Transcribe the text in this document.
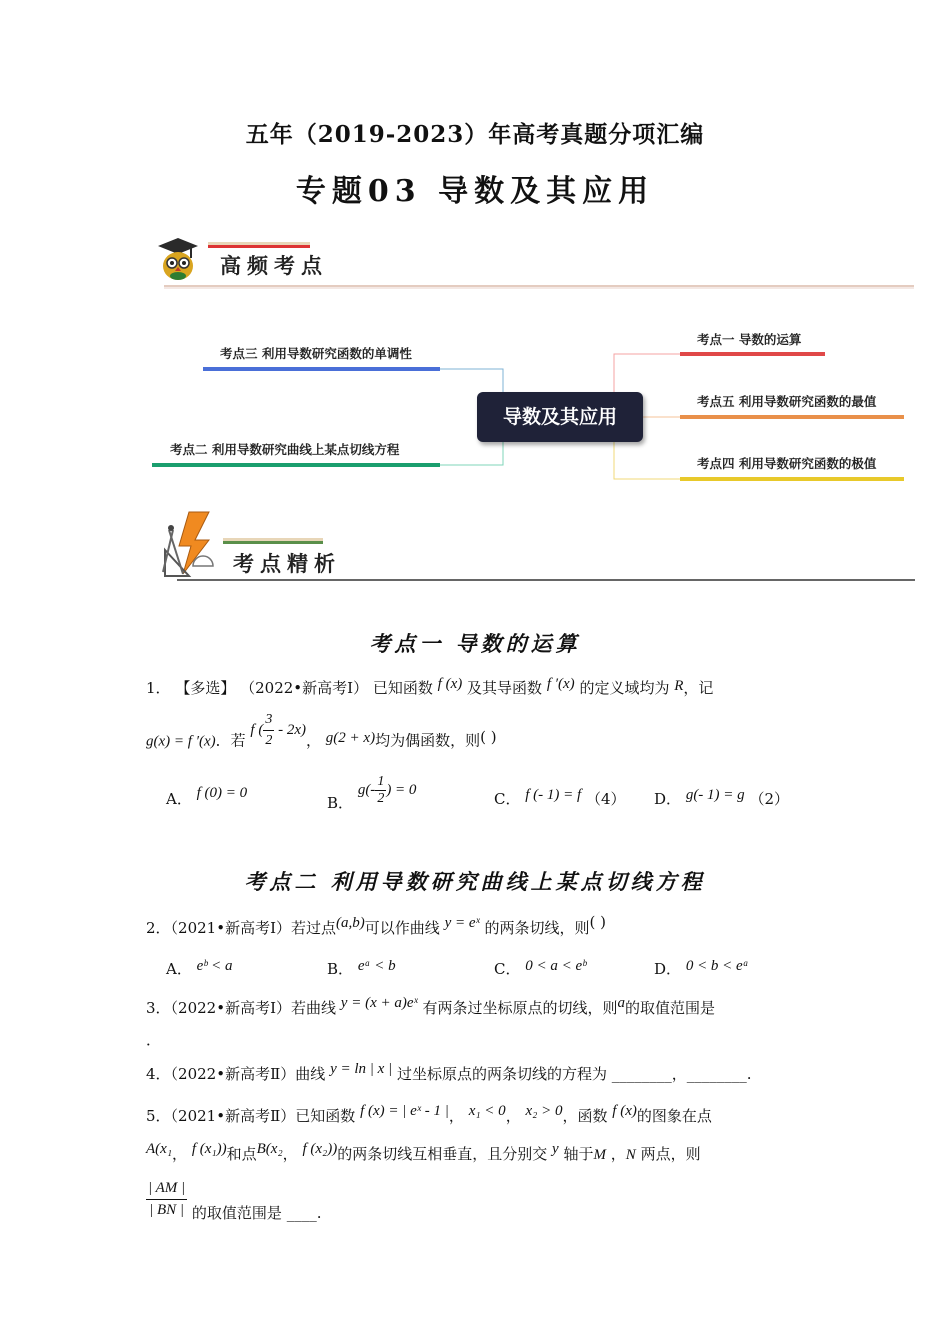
五年（2019-2023）年高考真题分项汇编
专题03 导数及其应用
高频考点
导数及其应用
考点三 利用导数研究函数的单调性
考点二 利用导数研究曲线上某点切线方程
考点一 导数的运算
考点五 利用导数研究函数的最值
考点四 利用导数研究函数的极值
考点精析
考点一 导数的运算
1． 【多选】 （2022•新高考Ⅰ） 已知函数 f (x) 及其导函数 f ′(x) 的定义域均为 R，记
g(x) = f ′(x)．若 f ( $\frac{3}{2} - 2x$)， g(2 + x)均为偶函数，则( )
A． f (0) = 0
B． $g(- \frac{1}{2}$ ) = 0
C． f (- 1) = f （4） D． g(- 1) = g （2）
考点二 利用导数研究曲线上某点切线方程
2．（2021•新高考Ⅰ）若过点(a,b)可以作曲线 y = eˣ 的两条切线，则( )
A． eᵇ < a	B． eᵃ < b	C． 0 < a < eᵇ	D． 0 < b < eᵃ
3．（2022•新高考Ⅰ）若曲线 y = (x + a)eˣ 有两条过坐标原点的切线，则a的取值范围是
．
4．（2022•新高考Ⅱ）曲线 y = ln | x | 过坐标原点的两条切线的方程为 ________，________.
5．（2021•新高考Ⅱ）已知函数 f (x) = | eˣ - 1 |， x₁ < 0， x₂ > 0，函数 f (x)的图象在点
A(x₁， f (x₁))和点B(x₂， f (x₂))的两条切线互相垂直，且分别交 y 轴于M ，N 两点，则
$\frac{| AM |}{| BN |}$ 的取值范围是 ____.
